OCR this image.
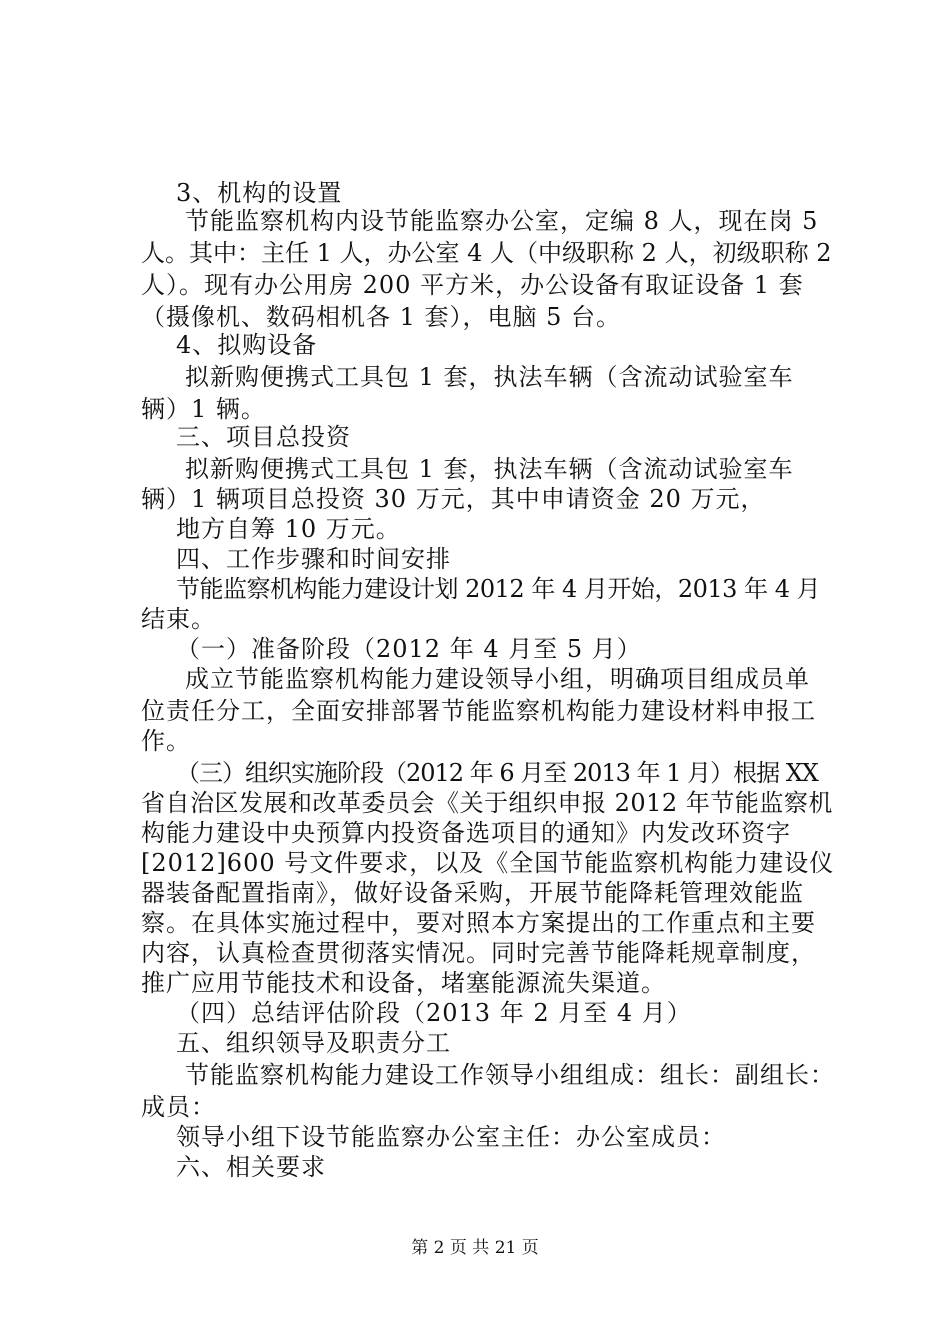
3、机构的设置
节能监察机构内设节能监察办公室，定编 8 人，现在岗 5
人。其中：主任 1 人，办公室 4 人（中级职称 2 人，初级职称 2
人）。现有办公用房 200 平方米，办公设备有取证设备 1 套
（摄像机、数码相机各 1 套），电脑 5 台。
4、拟购设备
拟新购便携式工具包 1 套，执法车辆（含流动试验室车
辆）1 辆。
三、项目总投资
拟新购便携式工具包 1 套，执法车辆（含流动试验室车
辆）1 辆项目总投资 30 万元，其中申请资金 20 万元，
地方自筹 10 万元。
四、工作步骤和时间安排
节能监察机构能力建设计划 2012 年 4 月开始，2013 年 4 月
结束。
（一）准备阶段（2012 年 4 月至 5 月）
成立节能监察机构能力建设领导小组，明确项目组成员单
位责任分工，全面安排部署节能监察机构能力建设材料申报工
作。
（三）组织实施阶段（2012 年 6 月至 2013 年 1 月）根据 XX
省自治区发展和改革委员会《关于组织申报 2012 年节能监察机
构能力建设中央预算内投资备选项目的通知》内发改环资字
[2012]600 号文件要求，以及《全国节能监察机构能力建设仪
器装备配置指南》，做好设备采购，开展节能降耗管理效能监
察。在具体实施过程中，要对照本方案提出的工作重点和主要
内容，认真检查贯彻落实情况。同时完善节能降耗规章制度，
推广应用节能技术和设备，堵塞能源流失渠道。
（四）总结评估阶段（2013 年 2 月至 4 月）
五、组织领导及职责分工
节能监察机构能力建设工作领导小组组成：组长：副组长：
成员：
领导小组下设节能监察办公室主任：办公室成员：
六、相关要求
第 2 页 共 21 页
